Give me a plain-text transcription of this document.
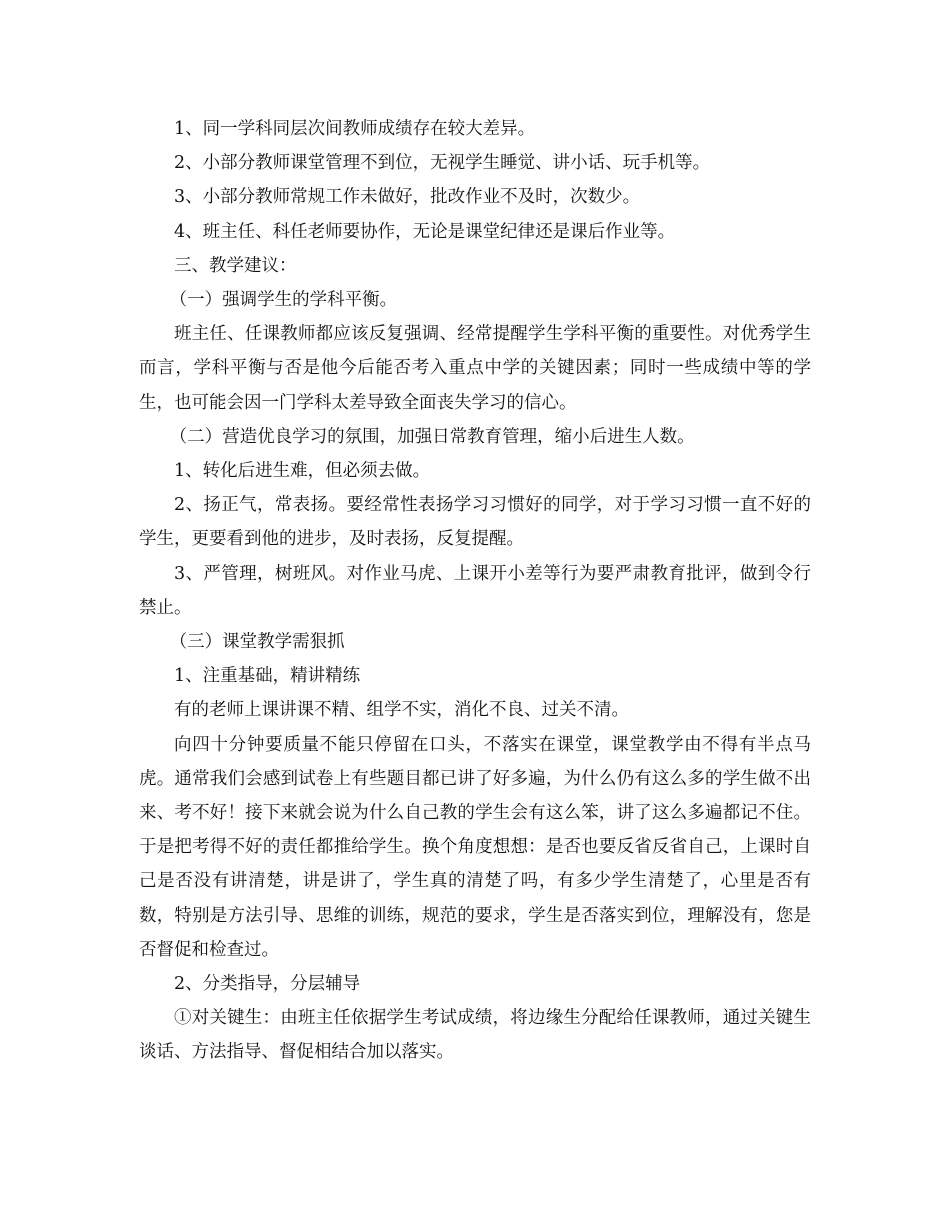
1、同一学科同层次间教师成绩存在较大差异。

2、小部分教师课堂管理不到位，无视学生睡觉、讲小话、玩手机等。

3、小部分教师常规工作未做好，批改作业不及时，次数少。

4、班主任、科任老师要协作，无论是课堂纪律还是课后作业等。

三、教学建议：

（一）强调学生的学科平衡。

班主任、任课教师都应该反复强调、经常提醒学生学科平衡的重要性。对优秀学生而言，学科平衡与否是他今后能否考入重点中学的关键因素；同时一些成绩中等的学生，也可能会因一门学科太差导致全面丧失学习的信心。

（二）营造优良学习的氛围，加强日常教育管理，缩小后进生人数。

1、转化后进生难，但必须去做。

2、扬正气，常表扬。要经常性表扬学习习惯好的同学，对于学习习惯一直不好的学生，更要看到他的进步，及时表扬，反复提醒。

3、严管理，树班风。对作业马虎、上课开小差等行为要严肃教育批评，做到令行禁止。

（三）课堂教学需狠抓

1、注重基础，精讲精练

有的老师上课讲课不精、组学不实，消化不良、过关不清。

向四十分钟要质量不能只停留在口头，不落实在课堂，课堂教学由不得有半点马虎。通常我们会感到试卷上有些题目都已讲了好多遍，为什么仍有这么多的学生做不出来、考不好！接下来就会说为什么自己教的学生会有这么笨，讲了这么多遍都记不住。于是把考得不好的责任都推给学生。换个角度想想：是否也要反省反省自己，上课时自己是否没有讲清楚，讲是讲了，学生真的清楚了吗，有多少学生清楚了，心里是否有数，特别是方法引导、思维的训练，规范的要求，学生是否落实到位，理解没有，您是否督促和检查过。

2、分类指导，分层辅导

①对关键生：由班主任依据学生考试成绩，将边缘生分配给任课教师，通过关键生谈话、方法指导、督促相结合加以落实。
